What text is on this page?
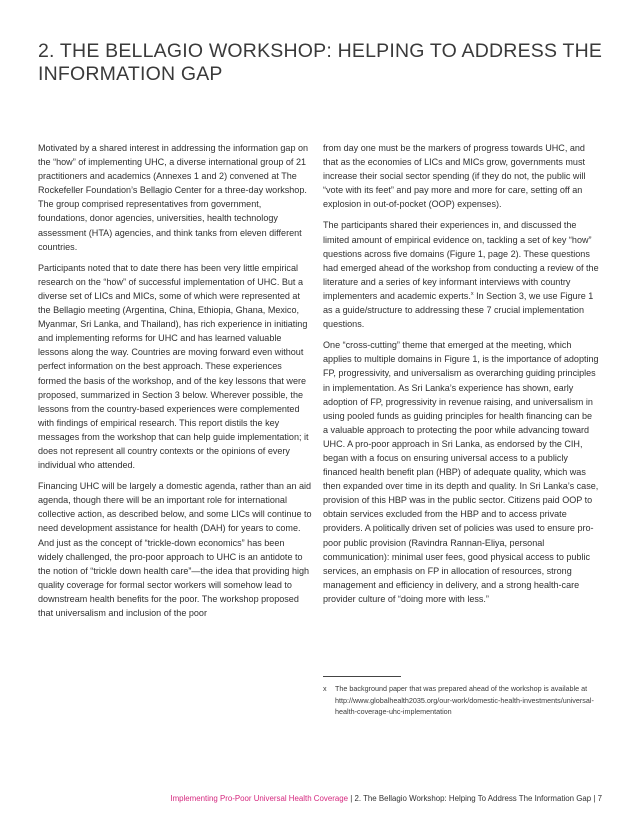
2. THE BELLAGIO WORKSHOP: HELPING TO ADDRESS THE INFORMATION GAP

Motivated by a shared interest in addressing the information gap on the “how” of implementing UHC, a diverse international group of 21 practitioners and academics (Annexes 1 and 2) convened at The Rockefeller Foundation’s Bellagio Center for a three-day workshop. The group comprised representatives from government, foundations, donor agencies, universities, health technology assessment (HTA) agencies, and think tanks from eleven different countries.

Participants noted that to date there has been very little empirical research on the “how” of successful implementation of UHC. But a diverse set of LICs and MICs, some of which were represented at the Bellagio meeting (Argentina, China, Ethiopia, Ghana, Mexico, Myanmar, Sri Lanka, and Thailand), has rich experience in initiating and implementing reforms for UHC and has learned valuable lessons along the way. Countries are moving forward even without perfect information on the best approach. These experiences formed the basis of the workshop, and of the key lessons that were proposed, summarized in Section 3 below. Wherever possible, the lessons from the country-based experiences were complemented with findings of empirical research. This report distils the key messages from the workshop that can help guide implementation; it does not represent all country contexts or the opinions of every individual who attended.

Financing UHC will be largely a domestic agenda, rather than an aid agenda, though there will be an important role for international collective action, as described below, and some LICs will continue to need development assistance for health (DAH) for years to come. And just as the concept of “trickle-down economics” has been widely challenged, the pro-poor approach to UHC is an antidote to the notion of “trickle down health care”—the idea that providing high quality coverage for formal sector workers will somehow lead to downstream health benefits for the poor. The workshop proposed that universalism and inclusion of the poor

from day one must be the markers of progress towards UHC, and that as the economies of LICs and MICs grow, governments must increase their social sector spending (if they do not, the public will “vote with its feet” and pay more and more for care, setting off an explosion in out-of-pocket (OOP) expenses).

The participants shared their experiences in, and discussed the limited amount of empirical evidence on, tackling a set of key “how” questions across five domains (Figure 1, page 2). These questions had emerged ahead of the workshop from conducting a review of the literature and a series of key informant interviews with country implementers and academic experts.$^x$ In Section 3, we use Figure 1 as a guide/structure to addressing these 7 crucial implementation questions.

One “cross-cutting” theme that emerged at the meeting, which applies to multiple domains in Figure 1, is the importance of adopting FP, progressivity, and universalism as overarching guiding principles in implementation. As Sri Lanka’s experience has shown, early adoption of FP, progressivity in revenue raising, and universalism in using pooled funds as guiding principles for health financing can be a valuable approach to protecting the poor while advancing toward UHC. A pro-poor approach in Sri Lanka, as endorsed by the CIH, began with a focus on ensuring universal access to a publicly financed health benefit plan (HBP) of adequate quality, which was then expanded over time in its depth and quality. In Sri Lanka’s case, provision of this HBP was in the public sector. Citizens paid OOP to obtain services excluded from the HBP and to access private providers. A politically driven set of policies was used to ensure pro-poor public provision (Ravindra Rannan-Eliya, personal communication): minimal user fees, good physical access to public services, an emphasis on FP in allocation of resources, strong management and efficiency in delivery, and a strong health-care provider culture of “doing more with less.”

x	The background paper that was prepared ahead of the workshop is available at http://www.globalhealth2035.org/our-work/domestic-health-investments/universal-health-coverage-uhc-implementation
Implementing Pro-Poor Universal Health Coverage | 2. The Bellagio Workshop: Helping To Address The Information Gap | 7
